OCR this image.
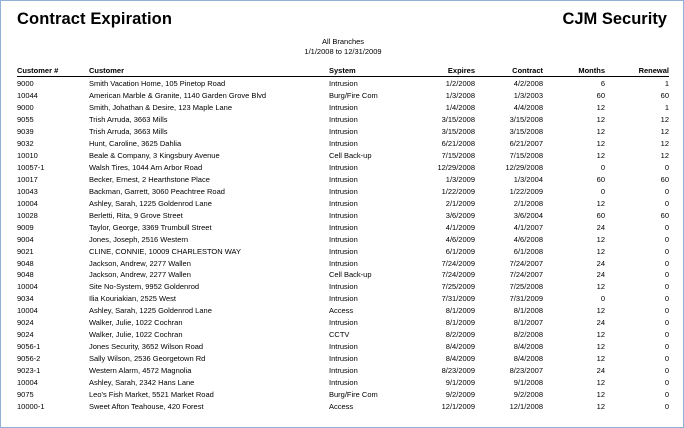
Contract Expiration	CJM Security
All Branches
1/1/2008 to 12/31/2009
Customer #	Customer	System	Expires	Contract	Months	Renewal
9000	Smith Vacation Home, 105 Pinetop Road	Intrusion	1/2/2008	4/2/2008	6	1
10044	American Marble & Granite, 1140 Garden Grove Blvd	Burg/Fire Com	1/3/2008	1/3/2003	60	60
9000	Smith, Johathan & Desire, 123 Maple Lane	Intrusion	1/4/2008	4/4/2008	12	1
9055	Trish Arruda, 3663 Mills	Intrusion	3/15/2008	3/15/2008	12	12
9039	Trish Arruda, 3663 Mills	Intrusion	3/15/2008	3/15/2008	12	12
9032	Hunt, Caroline, 3625 Dahlia	Intrusion	6/21/2008	6/21/2007	12	12
10010	Beale & Company, 3 Kingsbury Avenue	Cell Back-up	7/15/2008	7/15/2008	12	12
10057-1	Walsh Tires, 1044 Arn Arbor Road	Intrusion	12/29/2008	12/29/2008	0	0
10017	Becker, Ernest, 2 Hearthstone Place	Intrusion	1/3/2009	1/3/2004	60	60
10043	Backman, Garrett, 3060 Peachtree Road	Intrusion	1/22/2009	1/22/2009	0	0
10004	Ashley, Sarah, 1225 Goldenrod Lane	Intrusion	2/1/2009	2/1/2008	12	0
10028	Berletti, Rita, 9 Grove Street	Intrusion	3/6/2009	3/6/2004	60	60
9009	Taylor, George, 3369 Trumbull Street	Intrusion	4/1/2009	4/1/2007	24	0
9004	Jones, Joseph, 2516 Western	Intrusion	4/6/2009	4/6/2008	12	0
9021	CLINE, CONNIE, 10009 CHARLESTON WAY	Intrusion	6/1/2009	6/1/2008	12	0
9048	Jackson, Andrew, 2277 Wallen	Intrusion	7/24/2009	7/24/2007	24	0
9048	Jackson, Andrew, 2277 Wallen	Cell Back-up	7/24/2009	7/24/2007	24	0
10004	Site No-System, 9952 Goldenrod	Intrusion	7/25/2009	7/25/2008	12	0
9034	Ilia Kouriakian, 2525 West	Intrusion	7/31/2009	7/31/2009	0	0
10004	Ashley, Sarah, 1225 Goldenrod Lane	Access	8/1/2009	8/1/2008	12	0
9024	Walker, Julie, 1022 Cochran	Intrusion	8/1/2009	8/1/2007	24	0
9024	Walker, Julie, 1022 Cochran	CCTV	8/2/2009	8/2/2008	12	0
9056-1	Jones Security, 3652 Wilson Road	Intrusion	8/4/2009	8/4/2008	12	0
9056-2	Sally Wilson, 2536 Georgetown Rd	Intrusion	8/4/2009	8/4/2008	12	0
9023-1	Western Alarm, 4572 Magnolia	Intrusion	8/23/2009	8/23/2007	24	0
10004	Ashley, Sarah, 2342 Hans Lane	Intrusion	9/1/2009	9/1/2008	12	0
9075	Leo's Fish Market, 5521 Market Road	Burg/Fire Com	9/2/2009	9/2/2008	12	0
10000-1	Sweet Afton Teahouse, 420 Forest	Access	12/1/2009	12/1/2008	12	0
